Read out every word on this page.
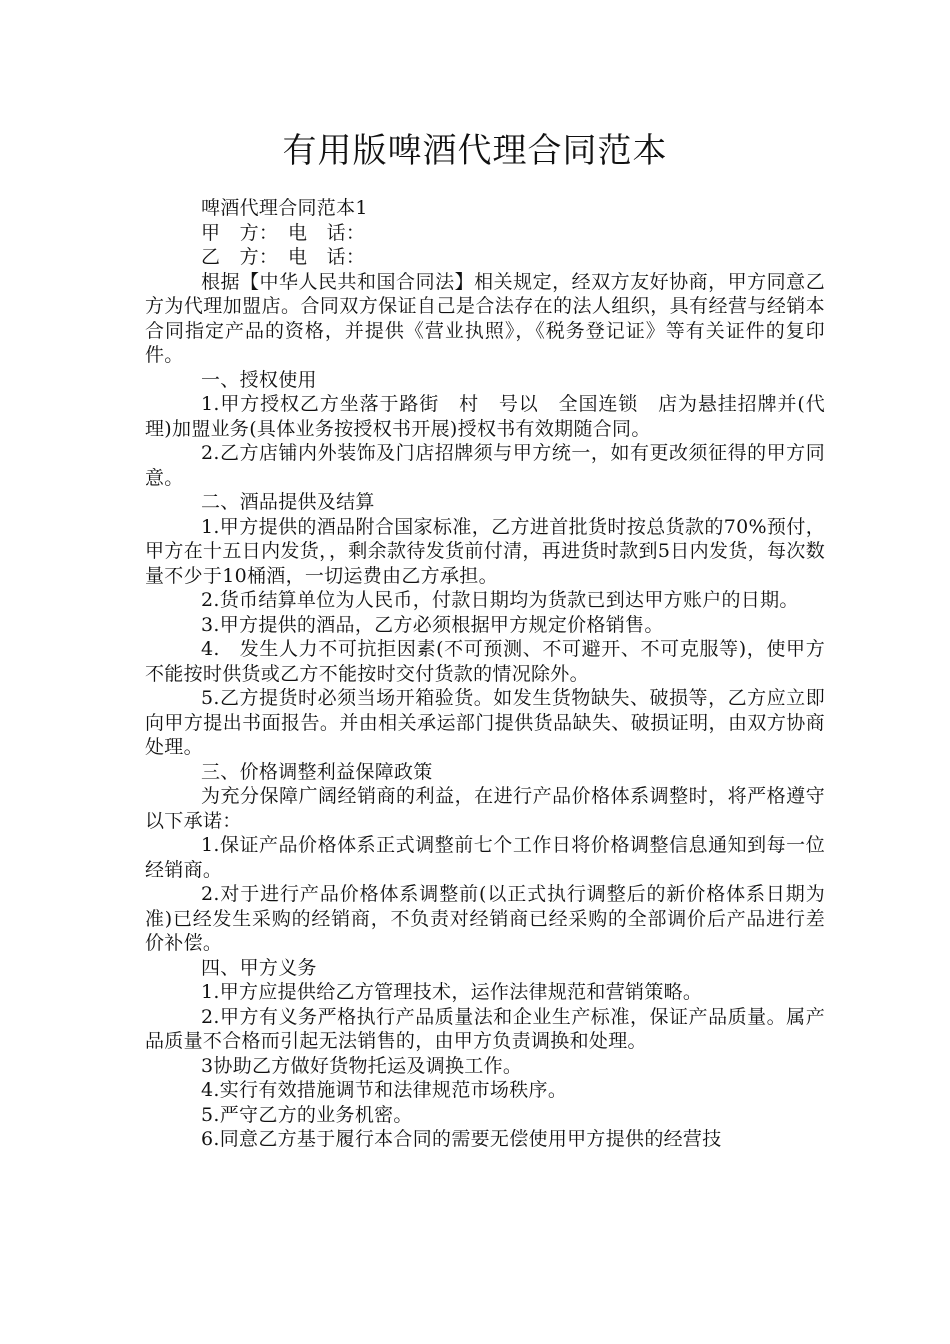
有用版啤酒代理合同范本

啤酒代理合同范本1

甲　方：　电　话：

乙　方：　电　话：

根据【中华人民共和国合同法】相关规定，经双方友好协商，甲方同意乙方为代理加盟店。合同双方保证自己是合法存在的法人组织，具有经营与经销本合同指定产品的资格，并提供《营业执照》，《税务登记证》等有关证件的复印件。

一、授权使用

1.甲方授权乙方坐落于路街　村　号以　全国连锁　店为悬挂招牌并(代理)加盟业务(具体业务按授权书开展)授权书有效期随合同。

2.乙方店铺内外装饰及门店招牌须与甲方统一，如有更改须征得的甲方同意。

二、酒品提供及结算

1.甲方提供的酒品附合国家标准，乙方进首批货时按总货款的70%预付，甲方在十五日内发货，，剩余款待发货前付清，再进货时款到5日内发货，每次数量不少于10桶酒，一切运费由乙方承担。

2.货币结算单位为人民币，付款日期均为货款已到达甲方账户的日期。

3.甲方提供的酒品，乙方必须根据甲方规定价格销售。

4.　发生人力不可抗拒因素(不可预测、不可避开、不可克服等)，使甲方不能按时供货或乙方不能按时交付货款的情况除外。

5.乙方提货时必须当场开箱验货。如发生货物缺失、破损等，乙方应立即向甲方提出书面报告。并由相关承运部门提供货品缺失、破损证明，由双方协商处理。

三、价格调整利益保障政策

为充分保障广阔经销商的利益，在进行产品价格体系调整时，将严格遵守以下承诺：

1.保证产品价格体系正式调整前七个工作日将价格调整信息通知到每一位经销商。

2.对于进行产品价格体系调整前(以正式执行调整后的新价格体系日期为准)已经发生采购的经销商，不负责对经销商已经采购的全部调价后产品进行差价补偿。

四、甲方义务

1.甲方应提供给乙方管理技术，运作法律规范和营销策略。

2.甲方有义务严格执行产品质量法和企业生产标准，保证产品质量。属产品质量不合格而引起无法销售的，由甲方负责调换和处理。

3协助乙方做好货物托运及调换工作。

4.实行有效措施调节和法律规范市场秩序。

5.严守乙方的业务机密。

6.同意乙方基于履行本合同的需要无偿使用甲方提供的经营技
